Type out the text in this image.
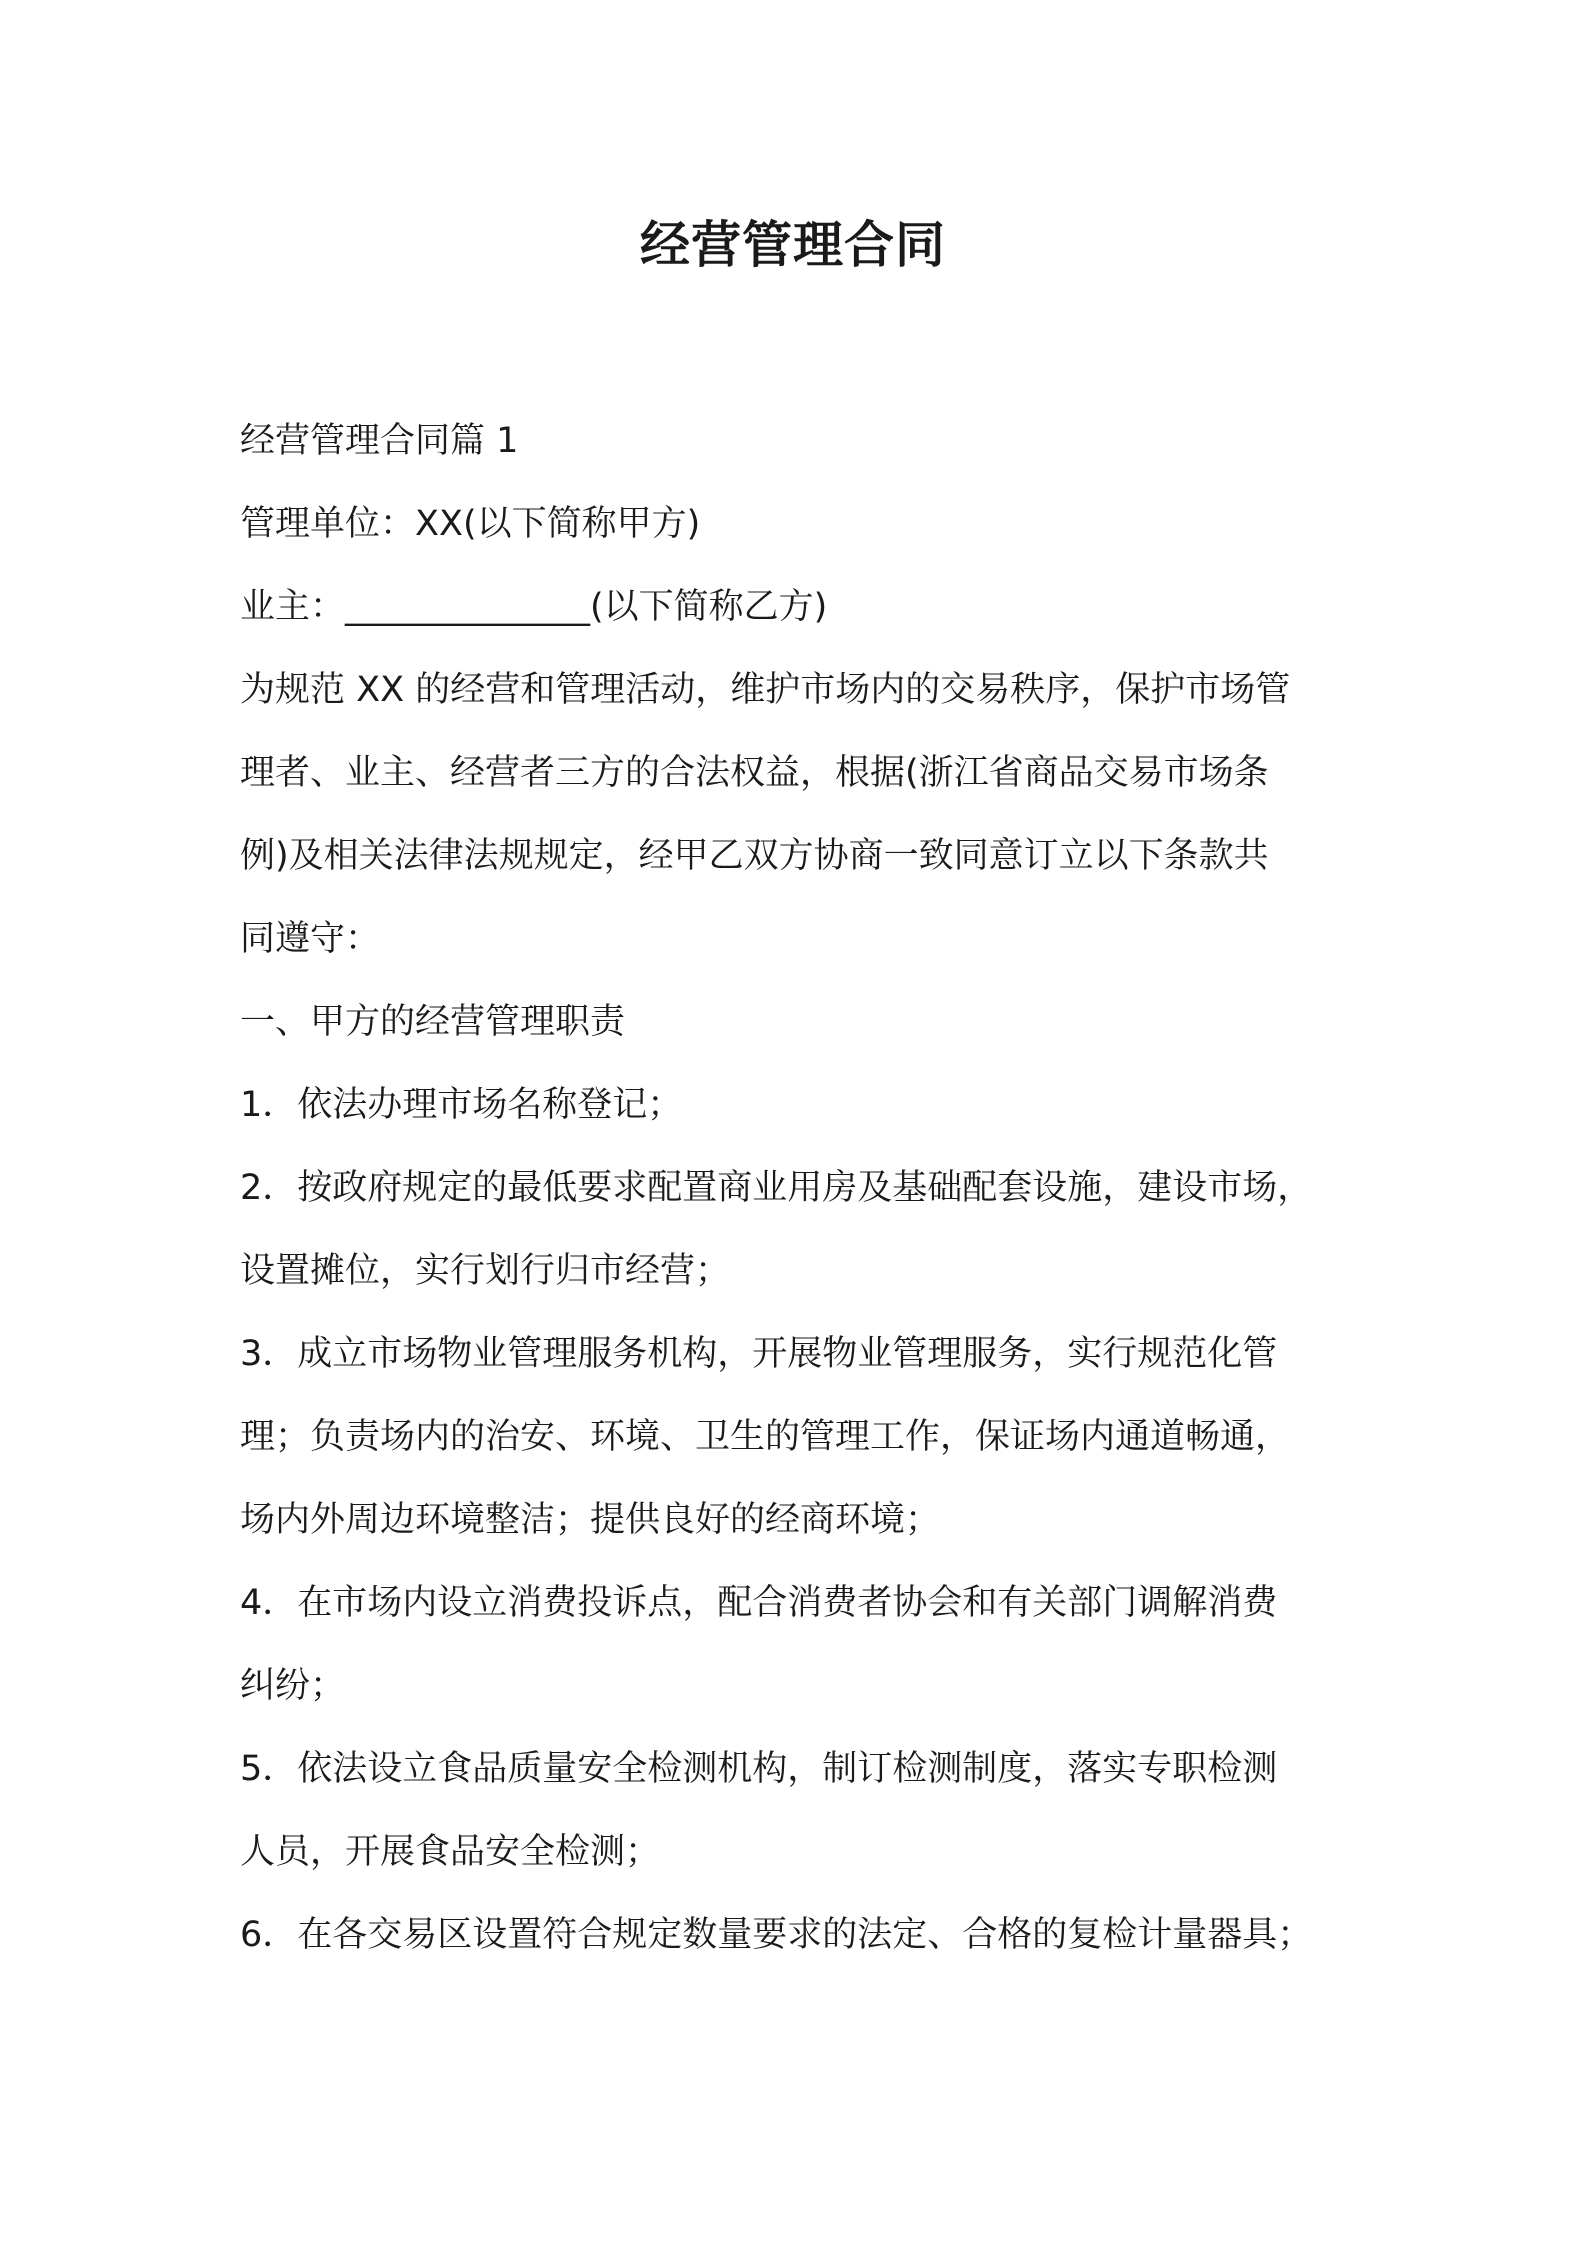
经营管理合同
经营管理合同篇 1
管理单位：XX(以下简称甲方)
业主：______________(以下简称乙方)
为规范 XX 的经营和管理活动，维护市场内的交易秩序，保护市场管
理者、业主、经营者三方的合法权益，根据(浙江省商品交易市场条
例)及相关法律法规规定，经甲乙双方协商一致同意订立以下条款共
同遵守：
一、甲方的经营管理职责
1．依法办理市场名称登记；
2．按政府规定的最低要求配置商业用房及基础配套设施，建设市场，
设置摊位，实行划行归市经营；
3．成立市场物业管理服务机构，开展物业管理服务，实行规范化管
理；负责场内的治安、环境、卫生的管理工作，保证场内通道畅通，
场内外周边环境整洁；提供良好的经商环境；
4．在市场内设立消费投诉点，配合消费者协会和有关部门调解消费
纠纷；
5．依法设立食品质量安全检测机构，制订检测制度，落实专职检测
人员，开展食品安全检测；
6．在各交易区设置符合规定数量要求的法定、合格的复检计量器具；
